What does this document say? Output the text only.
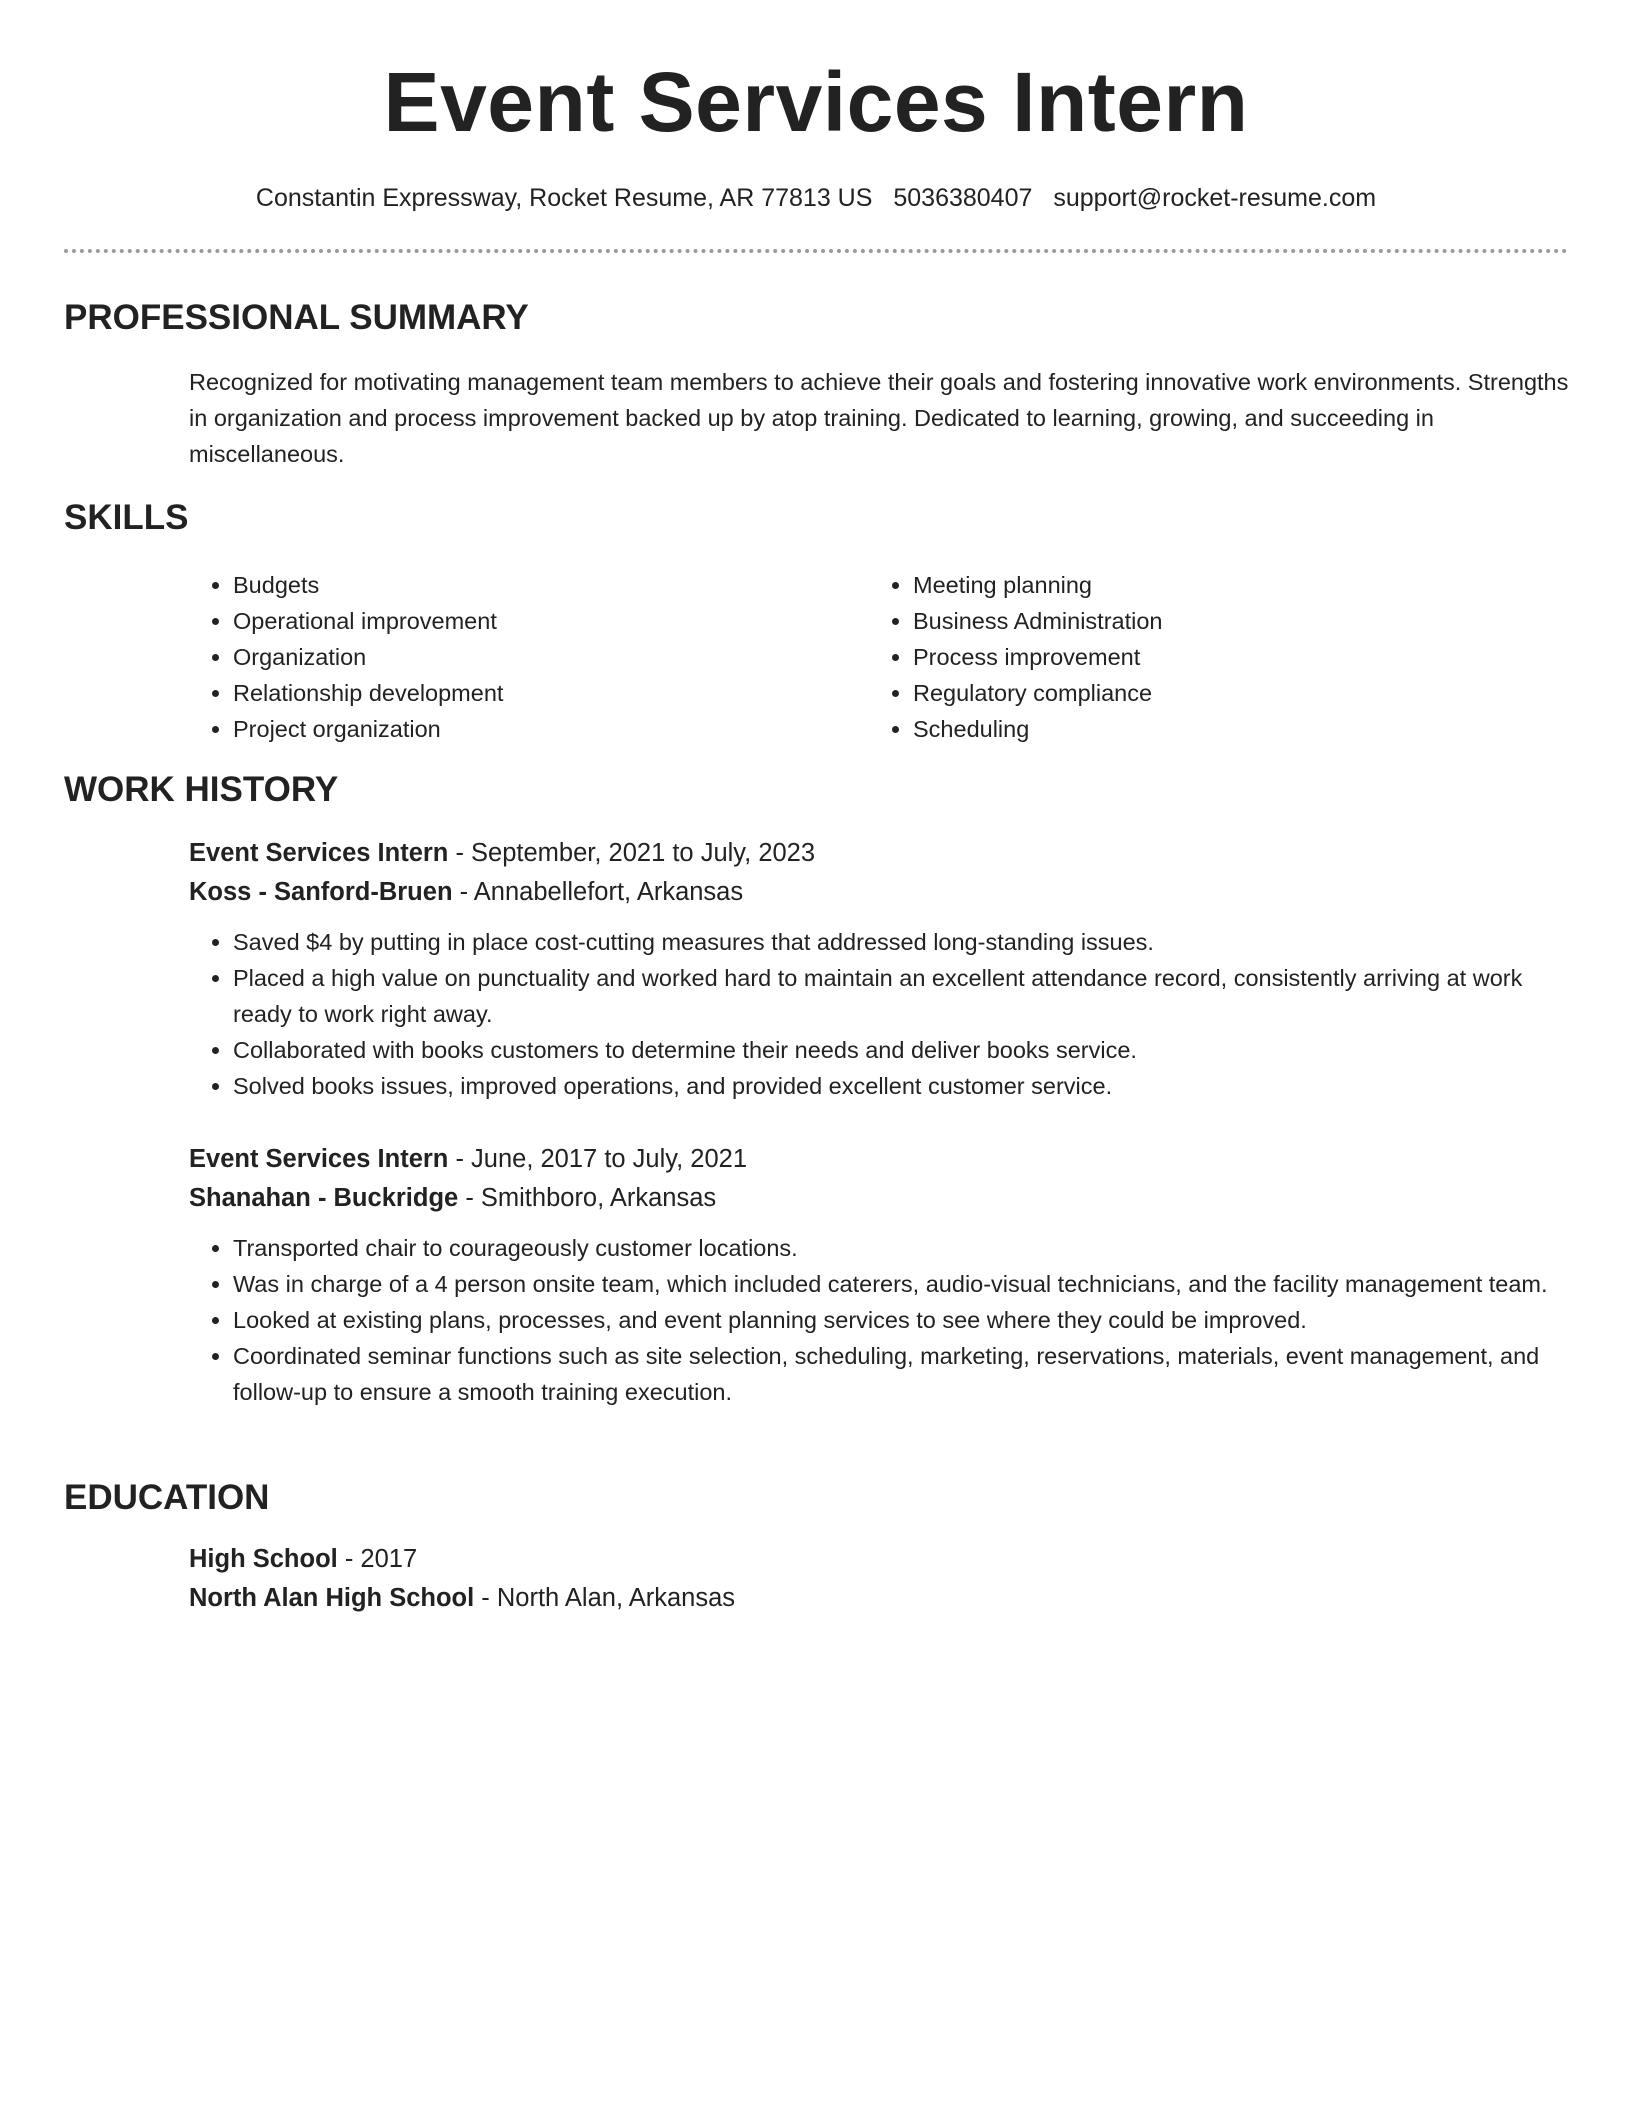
Event Services Intern
Constantin Expressway, Rocket Resume, AR 77813 US 5036380407 support@rocket-resume.com
PROFESSIONAL SUMMARY

Recognized for motivating management team members to achieve their goals and fostering innovative work environments. Strengths in organization and process improvement backed up by atop training. Dedicated to learning, growing, and succeeding in miscellaneous.

SKILLS
• Budgets
• Operational improvement
• Organization
• Relationship development
• Project organization
• Meeting planning
• Business Administration
• Process improvement
• Regulatory compliance
• Scheduling
WORK HISTORY

Event Services Intern - September, 2021 to July, 2023

Koss - Sanford-Bruen - Annabellefort, Arkansas

• Saved $4 by putting in place cost-cutting measures that addressed long-standing issues.
• Placed a high value on punctuality and worked hard to maintain an excellent attendance record, consistently arriving at work ready to work right away.
• Collaborated with books customers to determine their needs and deliver books service.
• Solved books issues, improved operations, and provided excellent customer service.

Event Services Intern - June, 2017 to July, 2021

Shanahan - Buckridge - Smithboro, Arkansas

• Transported chair to courageously customer locations.
• Was in charge of a 4 person onsite team, which included caterers, audio-visual technicians, and the facility management team.
• Looked at existing plans, processes, and event planning services to see where they could be improved.
• Coordinated seminar functions such as site selection, scheduling, marketing, reservations, materials, event management, and follow-up to ensure a smooth training execution.
EDUCATION

High School - 2017

North Alan High School - North Alan, Arkansas
